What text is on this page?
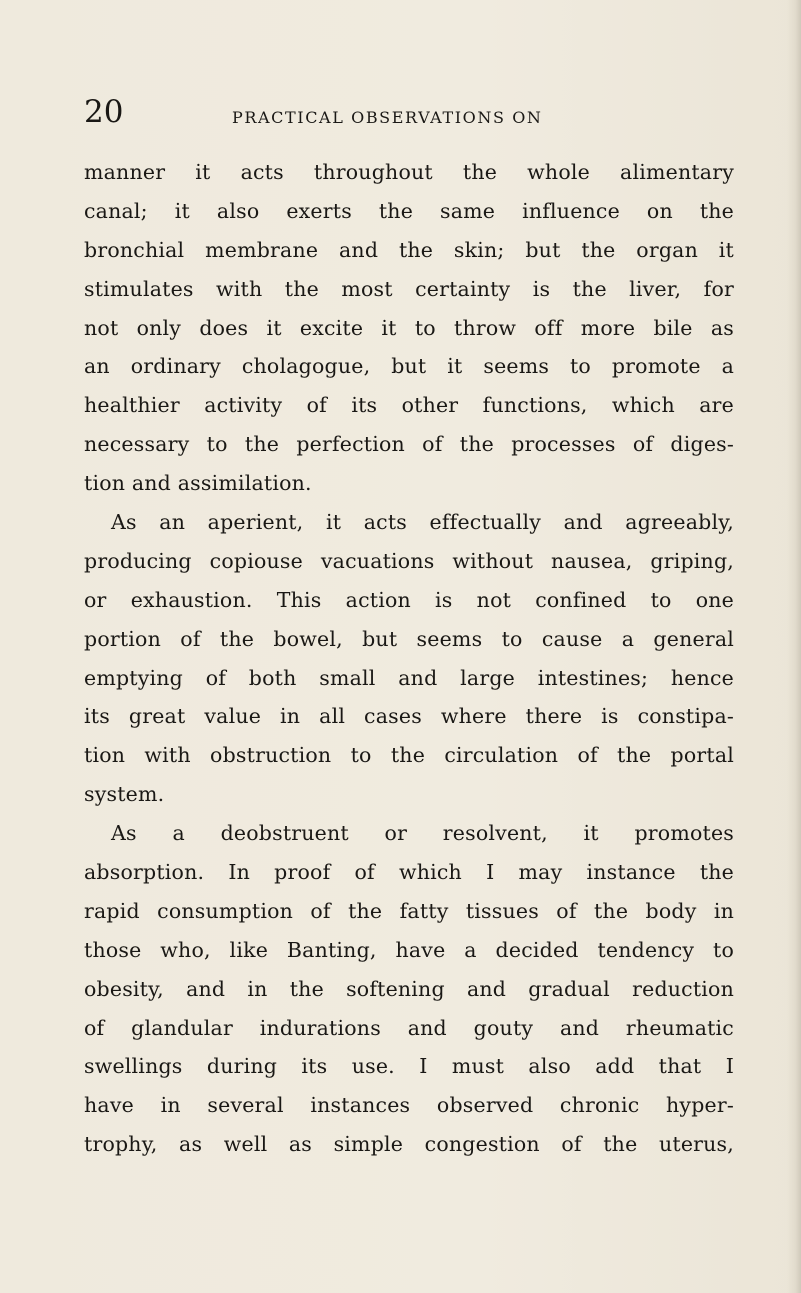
20	PRACTICAL OBSERVATIONS ON
manner it acts throughout the whole alimentary
canal; it also exerts the same influence on the
bronchial membrane and the skin; but the organ it
stimulates with the most certainty is the liver, for
not only does it excite it to throw off more bile as
an ordinary cholagogue, but it seems to promote a
healthier activity of its other functions, which are
necessary to the perfection of the processes of diges-
tion and assimilation.
As an aperient, it acts effectually and agreeably,
producing copiouse vacuations without nausea, griping,
or exhaustion. This action is not confined to one
portion of the bowel, but seems to cause a general
emptying of both small and large intestines; hence
its great value in all cases where there is constipa-
tion with obstruction to the circulation of the portal
system.
As a deobstruent or resolvent, it promotes
absorption. In proof of which I may instance the
rapid consumption of the fatty tissues of the body in
those who, like Banting, have a decided tendency to
obesity, and in the softening and gradual reduction
of glandular indurations and gouty and rheumatic
swellings during its use. I must also add that I
have in several instances observed chronic hyper-
trophy, as well as simple congestion of the uterus,
